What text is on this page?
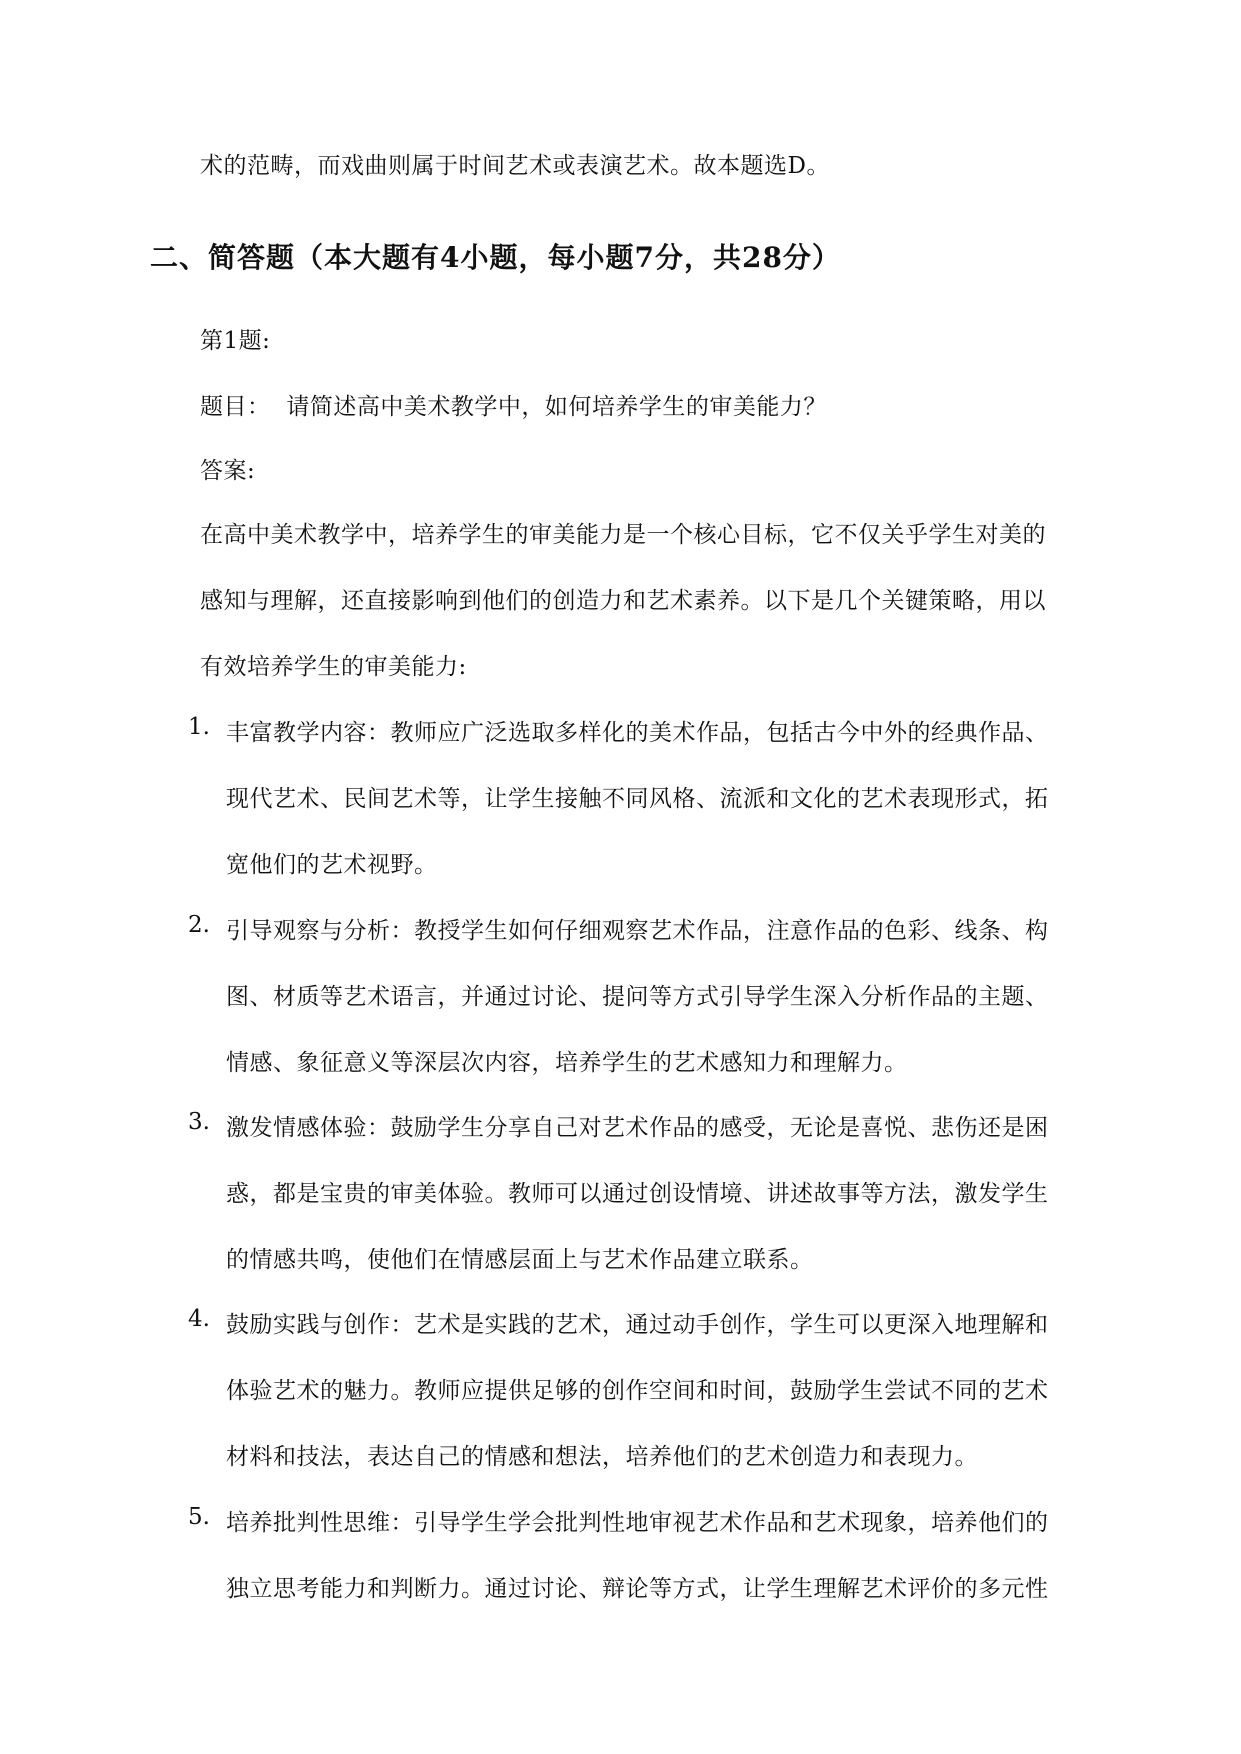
术的范畴，而戏曲则属于时间艺术或表演艺术。故本题选D。
二、简答题（本大题有4小题，每小题7分，共28分）
第1题:
题目： 请简述高中美术教学中，如何培养学生的审美能力？
答案:
在高中美术教学中，培养学生的审美能力是一个核心目标，它不仅关乎学生对美的
感知与理解，还直接影响到他们的创造力和艺术素养。以下是几个关键策略，用以
有效培养学生的审美能力:
1. 丰富教学内容：教师应广泛选取多样化的美术作品，包括古今中外的经典作品、
现代艺术、民间艺术等，让学生接触不同风格、流派和文化的艺术表现形式，拓
宽他们的艺术视野。
2. 引导观察与分析：教授学生如何仔细观察艺术作品，注意作品的色彩、线条、构
图、材质等艺术语言，并通过讨论、提问等方式引导学生深入分析作品的主题、
情感、象征意义等深层次内容，培养学生的艺术感知力和理解力。
3. 激发情感体验：鼓励学生分享自己对艺术作品的感受，无论是喜悦、悲伤还是困
惑，都是宝贵的审美体验。教师可以通过创设情境、讲述故事等方法，激发学生
的情感共鸣，使他们在情感层面上与艺术作品建立联系。
4. 鼓励实践与创作：艺术是实践的艺术，通过动手创作，学生可以更深入地理解和
体验艺术的魅力。教师应提供足够的创作空间和时间，鼓励学生尝试不同的艺术
材料和技法，表达自己的情感和想法，培养他们的艺术创造力和表现力。
5. 培养批判性思维：引导学生学会批判性地审视艺术作品和艺术现象，培养他们的
独立思考能力和判断力。通过讨论、辩论等方式，让学生理解艺术评价的多元性
